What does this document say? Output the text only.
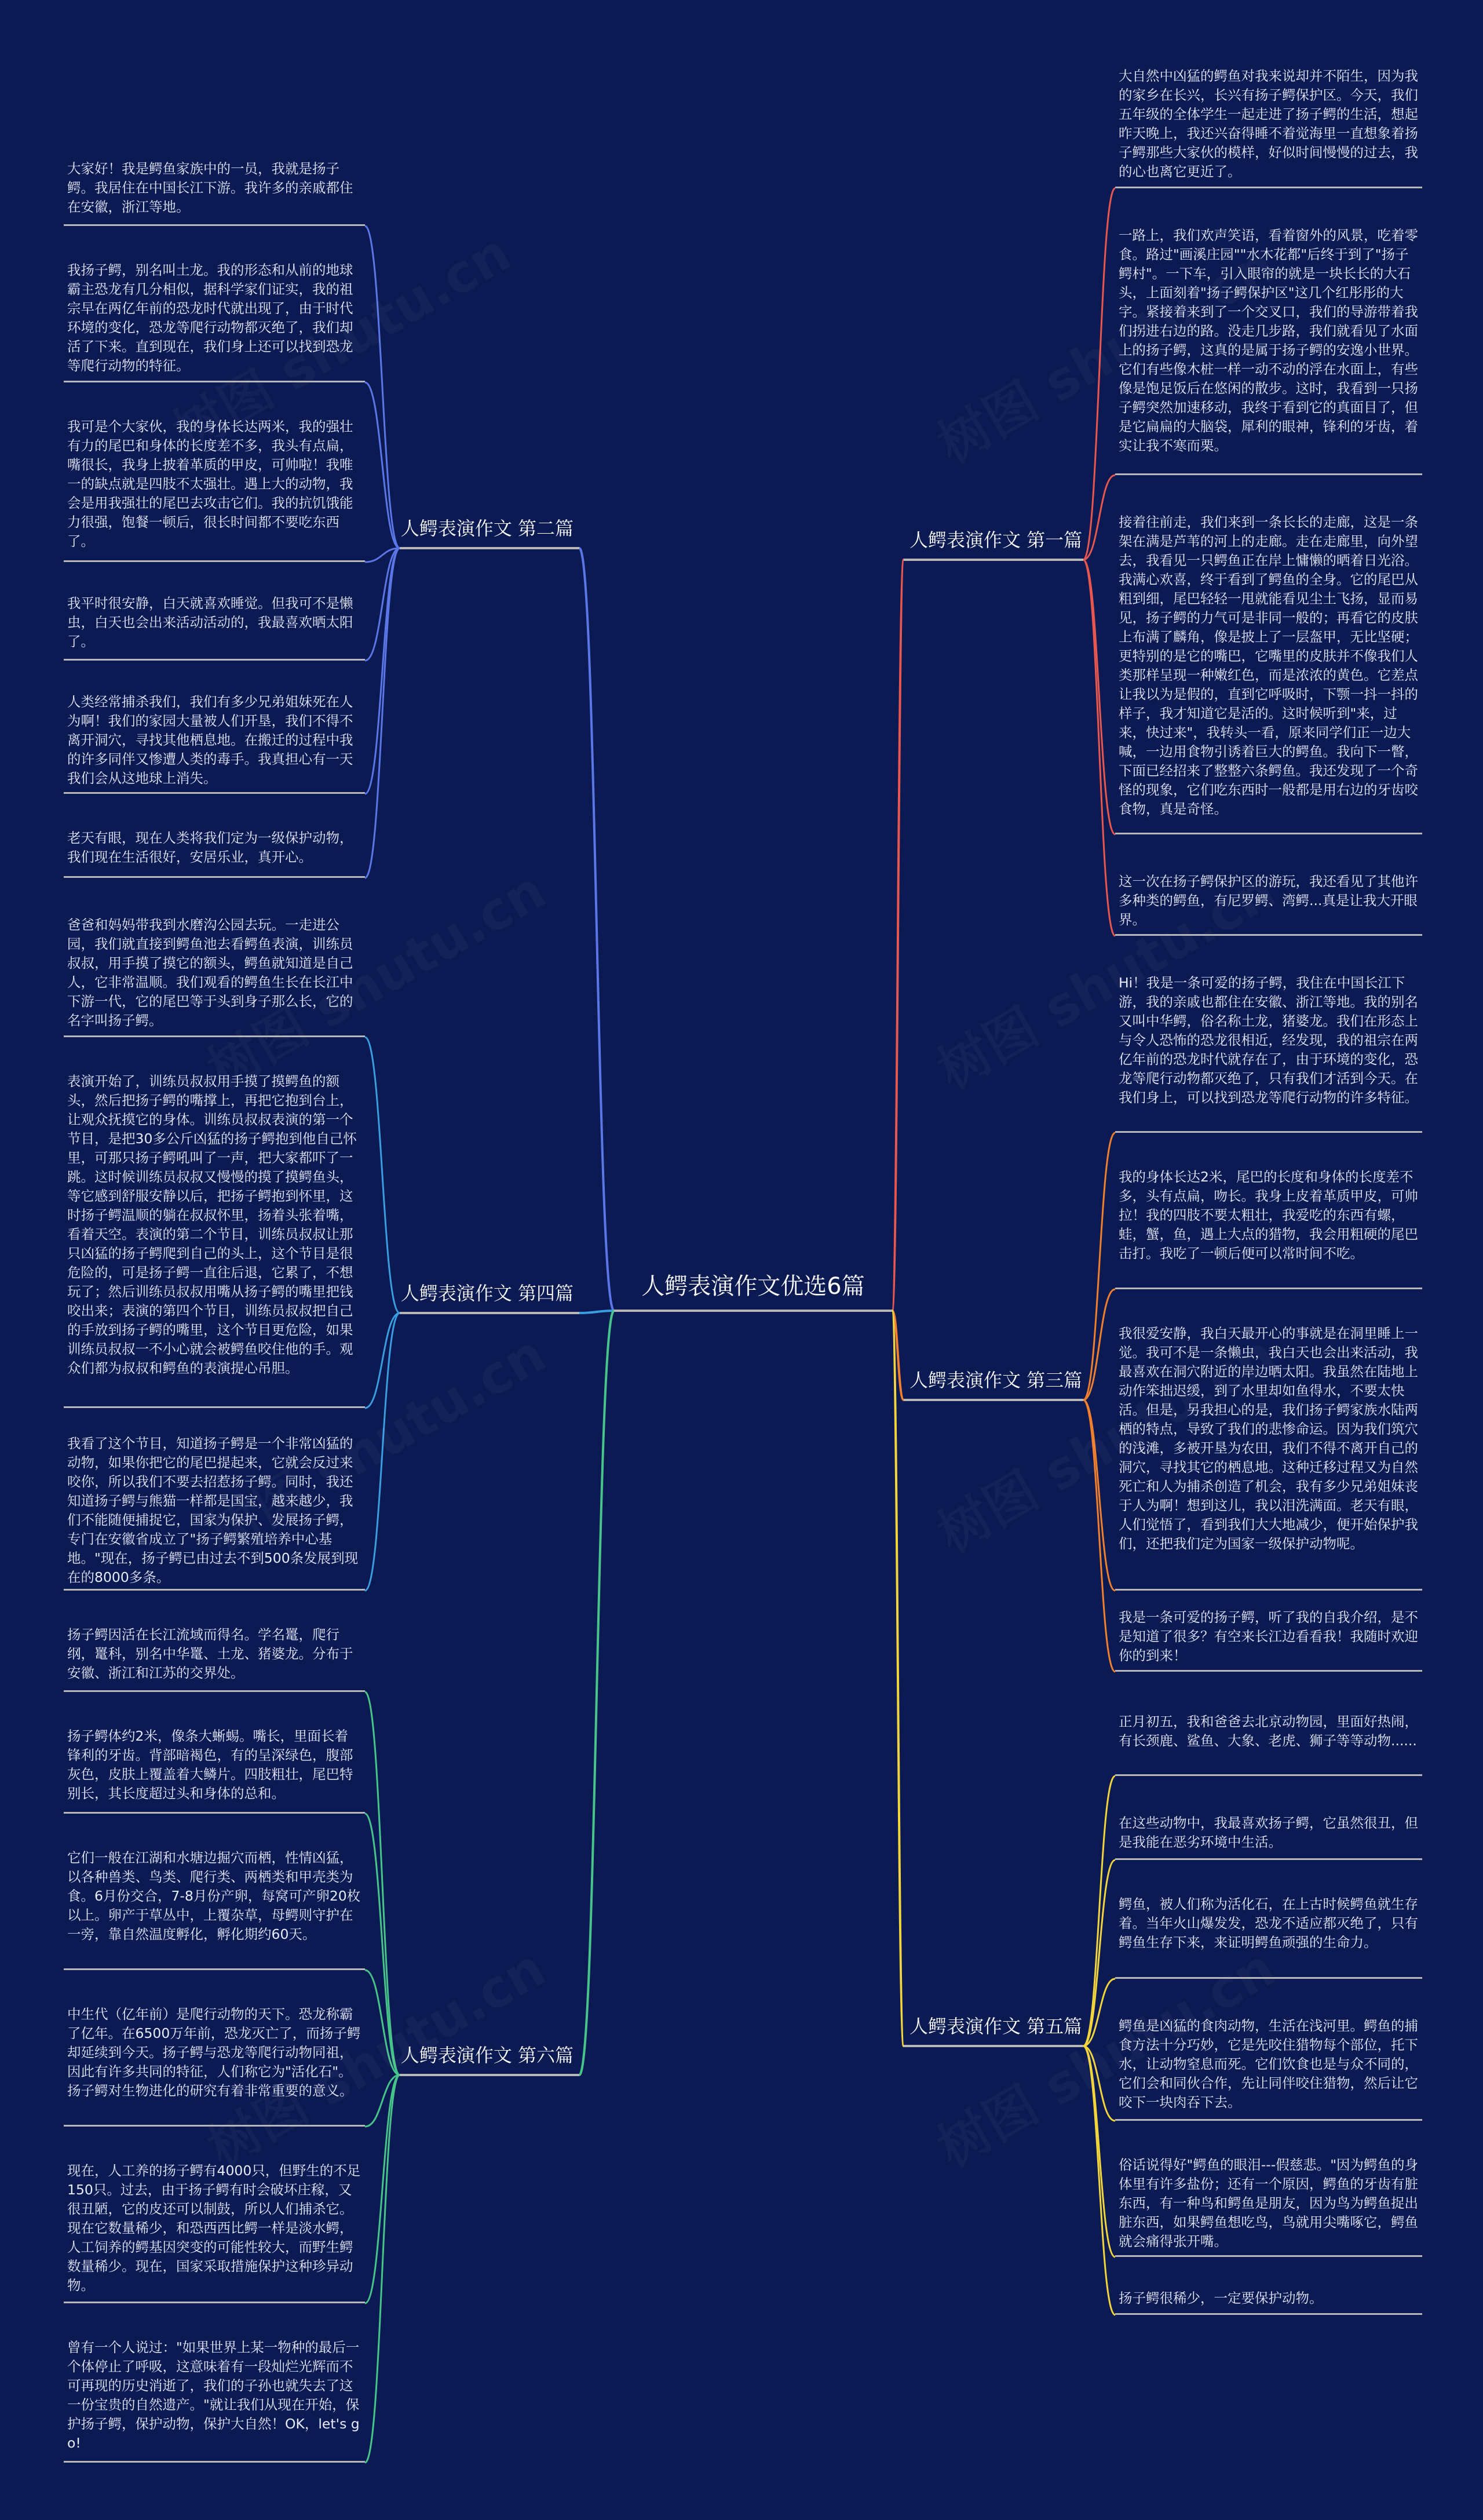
人鳄表演作文优选6篇
人鳄表演作文 第一篇
人鳄表演作文 第三篇
人鳄表演作文 第五篇
人鳄表演作文 第二篇
人鳄表演作文 第四篇
人鳄表演作文 第六篇
大自然中凶猛的鳄鱼对我来说却并不陌生，因为我的家乡在长兴，长兴有扬子鳄保护区。今天，我们五年级的全体学生一起走进了扬子鳄的生活，想起昨天晚上，我还兴奋得睡不着觉海里一直想象着扬子鳄那些大家伙的模样，好似时间慢慢的过去，我的心也离它更近了。
一路上，我们欢声笑语，看着窗外的风景，吃着零食。路过"画溪庄园""水木花都"后终于到了"扬子鳄村"。一下车，引入眼帘的就是一块长长的大石头，上面刻着"扬子鳄保护区"这几个红彤彤的大字。紧接着来到了一个交叉口，我们的导游带着我们拐进右边的路。没走几步路，我们就看见了水面上的扬子鳄，这真的是属于扬子鳄的安逸小世界。它们有些像木桩一样一动不动的浮在水面上，有些像是饱足饭后在悠闲的散步。这时，我看到一只扬子鳄突然加速移动，我终于看到它的真面目了，但是它扁扁的大脑袋，犀利的眼神，锋利的牙齿，着实让我不寒而栗。
接着往前走，我们来到一条长长的走廊，这是一条架在满是芦苇的河上的走廊。走在走廊里，向外望去，我看见一只鳄鱼正在岸上慵懒的晒着日光浴。我满心欢喜，终于看到了鳄鱼的全身。它的尾巴从粗到细，尾巴轻轻一甩就能看见尘土飞扬，显而易见，扬子鳄的力气可是非同一般的；再看它的皮肤上布满了麟角，像是披上了一层盔甲，无比坚硬；更特别的是它的嘴巴，它嘴里的皮肤并不像我们人类那样呈现一种嫩红色，而是浓浓的黄色。它差点让我以为是假的，直到它呼吸时，下颚一抖一抖的样子，我才知道它是活的。这时候听到"来，过来，快过来"，我转头一看，原来同学们正一边大喊，一边用食物引诱着巨大的鳄鱼。我向下一瞥，下面已经招来了整整六条鳄鱼。我还发现了一个奇怪的现象，它们吃东西时一般都是用右边的牙齿咬食物，真是奇怪。
这一次在扬子鳄保护区的游玩，我还看见了其他许多种类的鳄鱼，有尼罗鳄、湾鳄...真是让我大开眼界。
Hi！我是一条可爱的扬子鳄，我住在中国长江下游，我的亲戚也都住在安徽、浙江等地。我的别名又叫中华鳄，俗名称土龙，猪婆龙。我们在形态上与令人恐怖的恐龙很相近，经发现，我的祖宗在两亿年前的恐龙时代就存在了，由于环境的变化，恐龙等爬行动物都灭绝了，只有我们才活到今天。在我们身上，可以找到恐龙等爬行动物的许多特征。
我的身体长达2米，尾巴的长度和身体的长度差不多，头有点扁，吻长。我身上皮着革质甲皮，可帅拉！我的四肢不要太粗壮，我爱吃的东西有螺，蛙，蟹，鱼，遇上大点的猎物，我会用粗硬的尾巴击打。我吃了一顿后便可以常时间不吃。
我很爱安静，我白天最开心的事就是在洞里睡上一觉。我可不是一条懒虫，我白天也会出来活动，我最喜欢在洞穴附近的岸边晒太阳。我虽然在陆地上动作笨拙迟缓，到了水里却如鱼得水，不要太快活。但是，另我担心的是，我们扬子鳄家族水陆两栖的特点，导致了我们的悲惨命运。因为我们筑穴的浅滩，多被开垦为农田，我们不得不离开自己的洞穴，寻找其它的栖息地。这种迁移过程又为自然死亡和人为捕杀创造了机会，我有多少兄弟姐妹丧于人为啊！想到这儿，我以泪洗满面。老天有眼，人们觉悟了，看到我们大大地减少，便开始保护我们，还把我们定为国家一级保护动物呢。
我是一条可爱的扬子鳄，听了我的自我介绍，是不是知道了很多？有空来长江边看看我！我随时欢迎你的到来！
正月初五，我和爸爸去北京动物园，里面好热闹，有长颈鹿、鲨鱼、大象、老虎、狮子等等动物......
在这些动物中，我最喜欢扬子鳄，它虽然很丑，但是我能在恶劣环境中生活。
鳄鱼，被人们称为活化石，在上古时候鳄鱼就生存着。当年火山爆发发，恐龙不适应都灭绝了，只有鳄鱼生存下来，来证明鳄鱼顽强的生命力。
鳄鱼是凶猛的食肉动物，生活在浅河里。鳄鱼的捕食方法十分巧妙，它是先咬住猎物每个部位，托下水，让动物窒息而死。它们饮食也是与众不同的，它们会和同伙合作，先让同伴咬住猎物，然后让它咬下一块肉吞下去。
俗话说得好"鳄鱼的眼泪---假慈悲。"因为鳄鱼的身体里有许多盐份；还有一个原因，鳄鱼的牙齿有脏东西，有一种鸟和鳄鱼是朋友，因为鸟为鳄鱼捉出脏东西，如果鳄鱼想吃鸟，鸟就用尖嘴啄它，鳄鱼就会痛得张开嘴。
扬子鳄很稀少，一定要保护动物。
大家好！我是鳄鱼家族中的一员，我就是扬子鳄。我居住在中国长江下游。我许多的亲戚都住在安徽，浙江等地。
我扬子鳄，别名叫土龙。我的形态和从前的地球霸主恐龙有几分相似，据科学家们证实，我的祖宗早在两亿年前的恐龙时代就出现了，由于时代环境的变化，恐龙等爬行动物都灭绝了，我们却活了下来。直到现在，我们身上还可以找到恐龙等爬行动物的特征。
我可是个大家伙，我的身体长达两米，我的强壮有力的尾巴和身体的长度差不多，我头有点扁，嘴很长，我身上披着革质的甲皮，可帅啦！我唯一的缺点就是四肢不太强壮。遇上大的动物，我会是用我强壮的尾巴去攻击它们。我的抗饥饿能力很强，饱餐一顿后，很长时间都不要吃东西了。
我平时很安静，白天就喜欢睡觉。但我可不是懒虫，白天也会出来活动活动的，我最喜欢晒太阳了。
人类经常捕杀我们，我们有多少兄弟姐妹死在人为啊！我们的家园大量被人们开垦，我们不得不离开洞穴，寻找其他栖息地。在搬迁的过程中我的许多同伴又惨遭人类的毒手。我真担心有一天我们会从这地球上消失。
老天有眼，现在人类将我们定为一级保护动物，我们现在生活很好，安居乐业，真开心。
爸爸和妈妈带我到水磨沟公园去玩。一走进公园，我们就直接到鳄鱼池去看鳄鱼表演，训练员叔叔，用手摸了摸它的额头，鳄鱼就知道是自己人，它非常温顺。我们观看的鳄鱼生长在长江中下游一代，它的尾巴等于头到身子那么长，它的名字叫扬子鳄。
表演开始了，训练员叔叔用手摸了摸鳄鱼的额头，然后把扬子鳄的嘴撑上，再把它抱到台上，让观众抚摸它的身体。训练员叔叔表演的第一个节目，是把30多公斤凶猛的扬子鳄抱到他自己怀里，可那只扬子鳄吼叫了一声，把大家都吓了一跳。这时候训练员叔叔又慢慢的摸了摸鳄鱼头，等它感到舒服安静以后，把扬子鳄抱到怀里，这时扬子鳄温顺的躺在叔叔怀里，扬着头张着嘴，看着天空。表演的第二个节目，训练员叔叔让那只凶猛的扬子鳄爬到自己的头上，这个节目是很危险的，可是扬子鳄一直往后退，它累了，不想玩了；然后训练员叔叔用嘴从扬子鳄的嘴里把钱咬出来；表演的第四个节目，训练员叔叔把自己的手放到扬子鳄的嘴里，这个节目更危险，如果训练员叔叔一不小心就会被鳄鱼咬住他的手。观众们都为叔叔和鳄鱼的表演提心吊胆。
我看了这个节目，知道扬子鳄是一个非常凶猛的动物，如果你把它的尾巴提起来，它就会反过来咬你，所以我们不要去招惹扬子鳄。同时，我还知道扬子鳄与熊猫一样都是国宝，越来越少，我们不能随便捕捉它，国家为保护、发展扬子鳄，专门在安徽省成立了"扬子鳄繁殖培养中心基地。"现在，扬子鳄已由过去不到500条发展到现在的8000多条。
扬子鳄因活在长江流域而得名。学名鼍，爬行纲，鼍科，别名中华鼍、土龙、猪婆龙。分布于安徽、浙江和江苏的交界处。
扬子鳄体约2米，像条大蜥蜴。嘴长，里面长着锋利的牙齿。背部暗褐色，有的呈深绿色，腹部灰色，皮肤上覆盖着大鳞片。四肢粗壮，尾巴特别长，其长度超过头和身体的总和。
它们一般在江湖和水塘边掘穴而栖，性情凶猛，以各种兽类、鸟类、爬行类、两栖类和甲壳类为食。6月份交合，7-8月份产卵，每窝可产卵20枚以上。卵产于草丛中，上覆杂草，母鳄则守护在一旁，靠自然温度孵化，孵化期约60天。
中生代（亿年前）是爬行动物的天下。恐龙称霸了亿年。在6500万年前，恐龙灭亡了，而扬子鳄却延续到今天。扬子鳄与恐龙等爬行动物同祖，因此有许多共同的特征，人们称它为"活化石"。扬子鳄对生物进化的研究有着非常重要的意义。
现在，人工养的扬子鳄有4000只，但野生的不足150只。过去，由于扬子鳄有时会破坏庄稼，又很丑陋，它的皮还可以制鼓，所以人们捕杀它。现在它数量稀少，和恐西西比鳄一样是淡水鳄，人工饲养的鳄基因突变的可能性较大，而野生鳄数量稀少。现在，国家采取措施保护这种珍异动物。
曾有一个人说过："如果世界上某一物种的最后一个体停止了呼吸，这意味着有一段灿烂光辉而不可再现的历史消逝了，我们的子孙也就失去了这一份宝贵的自然遗产。"就让我们从现在开始，保护扬子鳄，保护动物，保护大自然！OK，let's go!
